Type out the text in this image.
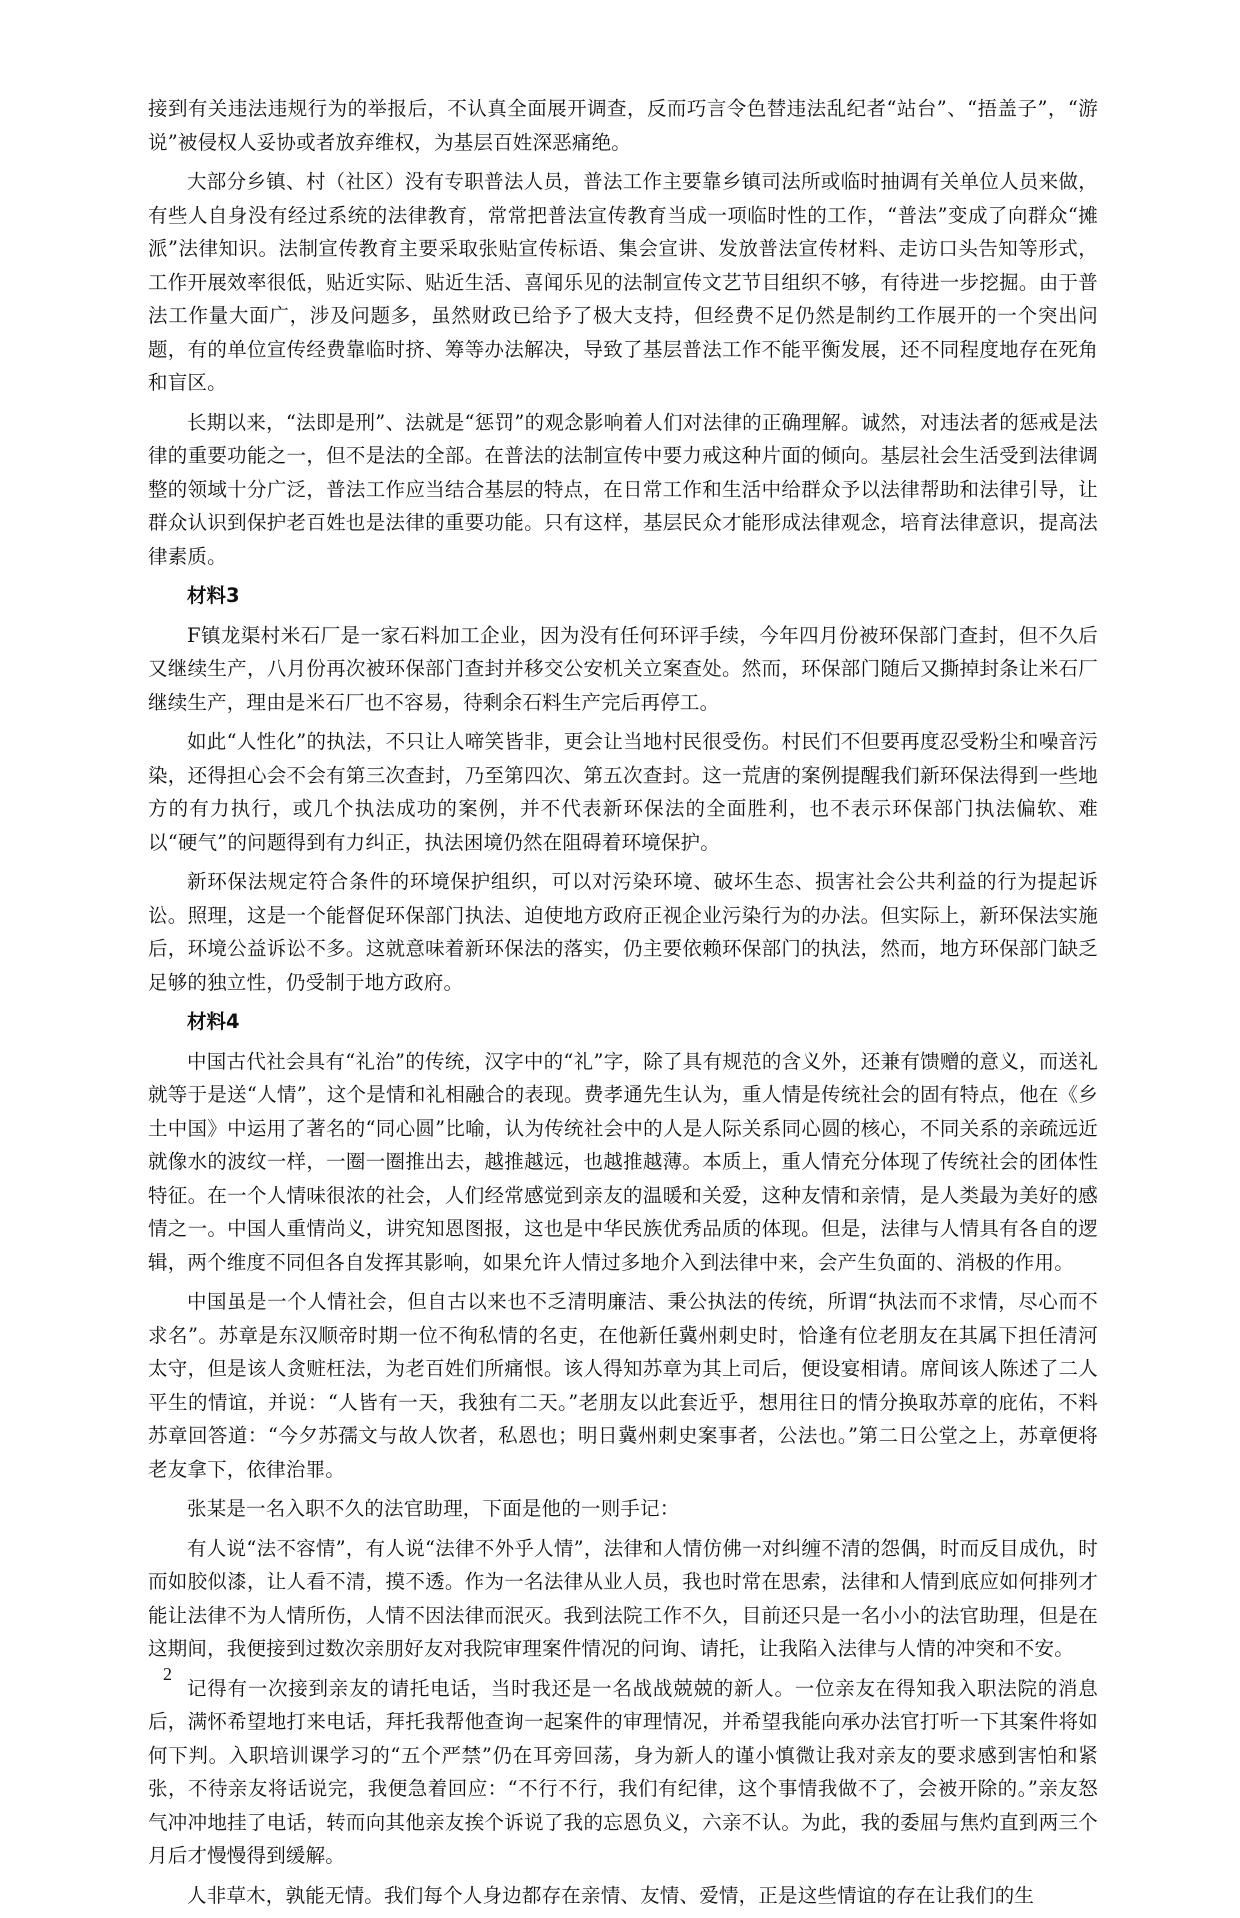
接到有关违法违规行为的举报后，不认真全面展开调查，反而巧言令色替违法乱纪者“站台”、“捂盖子”，“游说”被侵权人妥协或者放弃维权，为基层百姓深恶痛绝。

大部分乡镇、村（社区）没有专职普法人员，普法工作主要靠乡镇司法所或临时抽调有关单位人员来做，有些人自身没有经过系统的法律教育，常常把普法宣传教育当成一项临时性的工作，“普法”变成了向群众“摊派”法律知识。法制宣传教育主要采取张贴宣传标语、集会宣讲、发放普法宣传材料、走访口头告知等形式，工作开展效率很低，贴近实际、贴近生活、喜闻乐见的法制宣传文艺节目组织不够，有待进一步挖掘。由于普法工作量大面广，涉及问题多，虽然财政已给予了极大支持，但经费不足仍然是制约工作展开的一个突出问题，有的单位宣传经费靠临时挤、筹等办法解决，导致了基层普法工作不能平衡发展，还不同程度地存在死角和盲区。

长期以来，“法即是刑”、法就是“惩罚”的观念影响着人们对法律的正确理解。诚然，对违法者的惩戒是法律的重要功能之一，但不是法的全部。在普法的法制宣传中要力戒这种片面的倾向。基层社会生活受到法律调整的领域十分广泛，普法工作应当结合基层的特点，在日常工作和生活中给群众予以法律帮助和法律引导，让群众认识到保护老百姓也是法律的重要功能。只有这样，基层民众才能形成法律观念，培育法律意识，提高法律素质。

材料3

F镇龙渠村米石厂是一家石料加工企业，因为没有任何环评手续，今年四月份被环保部门查封，但不久后又继续生产，八月份再次被环保部门查封并移交公安机关立案查处。然而，环保部门随后又撕掉封条让米石厂继续生产，理由是米石厂也不容易，待剩余石料生产完后再停工。

如此“人性化”的执法，不只让人啼笑皆非，更会让当地村民很受伤。村民们不但要再度忍受粉尘和噪音污染，还得担心会不会有第三次查封，乃至第四次、第五次查封。这一荒唐的案例提醒我们新环保法得到一些地方的有力执行，或几个执法成功的案例，并不代表新环保法的全面胜利，也不表示环保部门执法偏软、难以“硬气”的问题得到有力纠正，执法困境仍然在阻碍着环境保护。

新环保法规定符合条件的环境保护组织，可以对污染环境、破坏生态、损害社会公共利益的行为提起诉讼。照理，这是一个能督促环保部门执法、迫使地方政府正视企业污染行为的办法。但实际上，新环保法实施后，环境公益诉讼不多。这就意味着新环保法的落实，仍主要依赖环保部门的执法，然而，地方环保部门缺乏足够的独立性，仍受制于地方政府。

材料4

中国古代社会具有“礼治”的传统，汉字中的“礼”字，除了具有规范的含义外，还兼有馈赠的意义，而送礼就等于是送“人情”，这个是情和礼相融合的表现。费孝通先生认为，重人情是传统社会的固有特点，他在《乡土中国》中运用了著名的“同心圆”比喻，认为传统社会中的人是人际关系同心圆的核心，不同关系的亲疏远近就像水的波纹一样，一圈一圈推出去，越推越远，也越推越薄。本质上，重人情充分体现了传统社会的团体性特征。在一个人情味很浓的社会，人们经常感觉到亲友的温暖和关爱，这种友情和亲情，是人类最为美好的感情之一。中国人重情尚义，讲究知恩图报，这也是中华民族优秀品质的体现。但是，法律与人情具有各自的逻辑，两个维度不同但各自发挥其影响，如果允许人情过多地介入到法律中来，会产生负面的、消极的作用。

中国虽是一个人情社会，但自古以来也不乏清明廉洁、秉公执法的传统，所谓“执法而不求情，尽心而不求名”。苏章是东汉顺帝时期一位不徇私情的名吏，在他新任冀州刺史时，恰逢有位老朋友在其属下担任清河太守，但是该人贪赃枉法，为老百姓们所痛恨。该人得知苏章为其上司后，便设宴相请。席间该人陈述了二人平生的情谊，并说：“人皆有一天，我独有二天。”老朋友以此套近乎，想用往日的情分换取苏章的庇佑，不料苏章回答道：“今夕苏孺文与故人饮者，私恩也；明日冀州刺史案事者，公法也。”第二日公堂之上，苏章便将老友拿下，依律治罪。

张某是一名入职不久的法官助理，下面是他的一则手记：

有人说“法不容情”，有人说“法律不外乎人情”，法律和人情仿佛一对纠缠不清的怨偶，时而反目成仇，时而如胶似漆，让人看不清，摸不透。作为一名法律从业人员，我也时常在思索，法律和人情到底应如何排列才能让法律不为人情所伤，人情不因法律而泯灭。我到法院工作不久，目前还只是一名小小的法官助理，但是在这期间，我便接到过数次亲朋好友对我院审理案件情况的问询、请托，让我陷入法律与人情的冲突和不安。

记得有一次接到亲友的请托电话，当时我还是一名战战兢兢的新人。一位亲友在得知我入职法院的消息后，满怀希望地打来电话，拜托我帮他查询一起案件的审理情况，并希望我能向承办法官打听一下其案件将如何下判。入职培训课学习的“五个严禁”仍在耳旁回荡，身为新人的谨小慎微让我对亲友的要求感到害怕和紧张，不待亲友将话说完，我便急着回应：“不行不行，我们有纪律，这个事情我做不了，会被开除的。”亲友怒气冲冲地挂了电话，转而向其他亲友挨个诉说了我的忘恩负义，六亲不认。为此，我的委屈与焦灼直到两三个月后才慢慢得到缓解。

人非草木，孰能无情。我们每个人身边都存在亲情、友情、爱情，正是这些情谊的存在让我们的生

2
